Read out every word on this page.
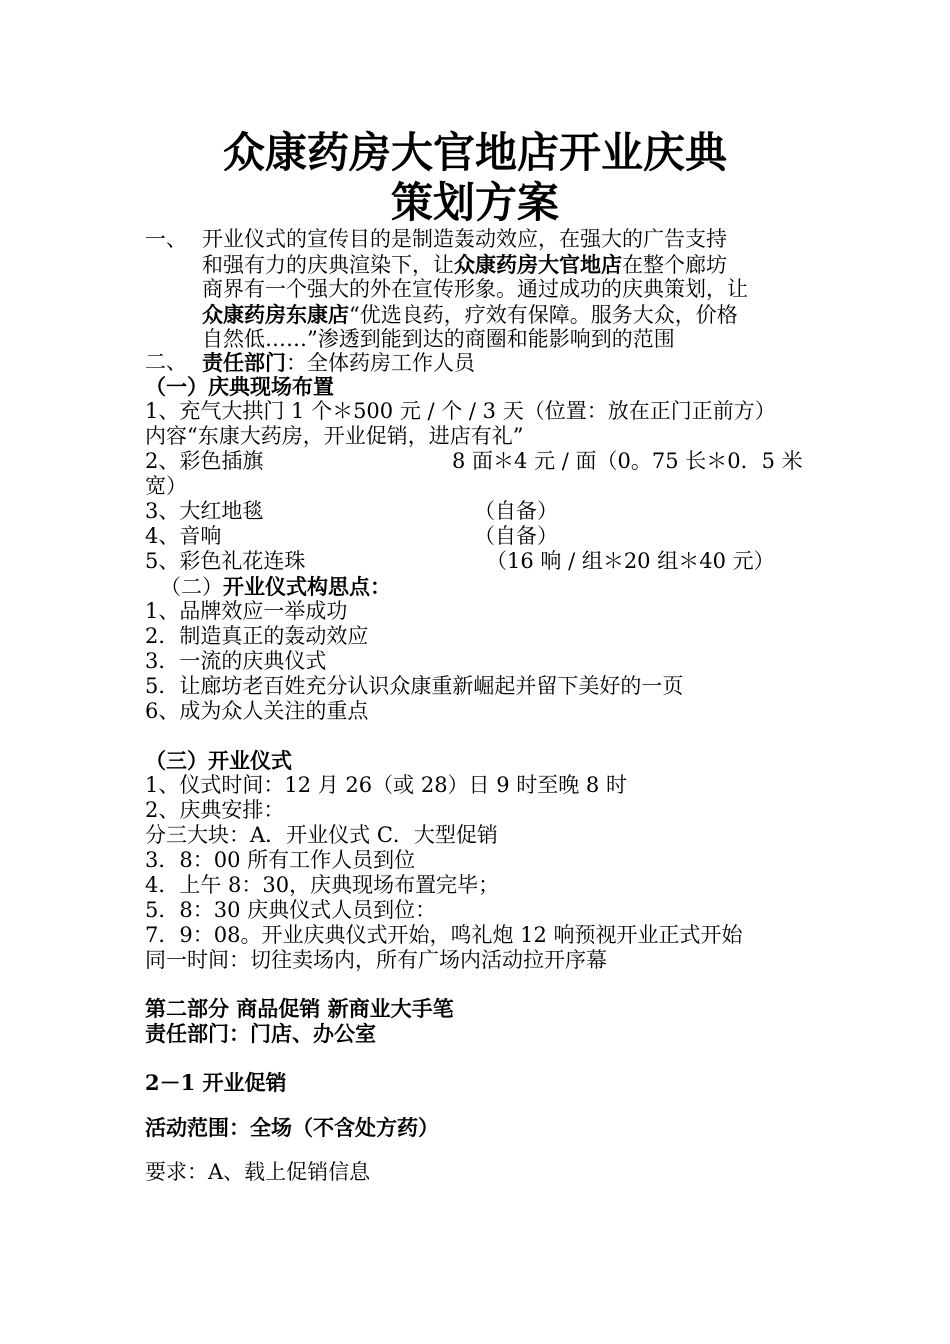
众康药房大官地店开业庆典
策划方案
一、 开业仪式的宣传目的是制造轰动效应，在强大的广告支持
和强有力的庆典渲染下，让众康药房大官地店在整个廊坊
商界有一个强大的外在宣传形象。通过成功的庆典策划，让
众康药房东康店“优选良药，疗效有保障。服务大众，价格
自然低……”渗透到能到达的商圈和能影响到的范围
二、 责任部门：全体药房工作人员
（一）庆典现场布置
1、充气大拱门 1 个＊500 元 / 个 / 3 天（位置：放在正门正前方）
内容“东康大药房，开业促销，进店有礼”
2、彩色插旗	8 面＊4 元 / 面（0。75 长＊0．5 米
宽）
3、大红地毯	（自备）
4、音响	（自备）
5、彩色礼花连珠	（16 响 / 组＊20 组＊40 元）
（二）开业仪式构思点：
1、品牌效应一举成功
2．制造真正的轰动效应
3．一流的庆典仪式
5．让廊坊老百姓充分认识众康重新崛起并留下美好的一页
6、成为众人关注的重点
（三）开业仪式
1、仪式时间：12 月 26（或 28）日 9 时至晚 8 时
2、庆典安排：
分三大块：A．开业仪式 C．大型促销
3．8：00 所有工作人员到位
4．上午 8：30，庆典现场布置完毕；
5．8：30 庆典仪式人员到位：
7．9：08。开业庆典仪式开始，鸣礼炮 12 响预视开业正式开始
同一时间：切往卖场内，所有广场内活动拉开序幕
第二部分 商品促销 新商业大手笔
责任部门：门店、办公室
2－1 开业促销
活动范围：全场（不含处方药）
要求：A、载上促销信息
